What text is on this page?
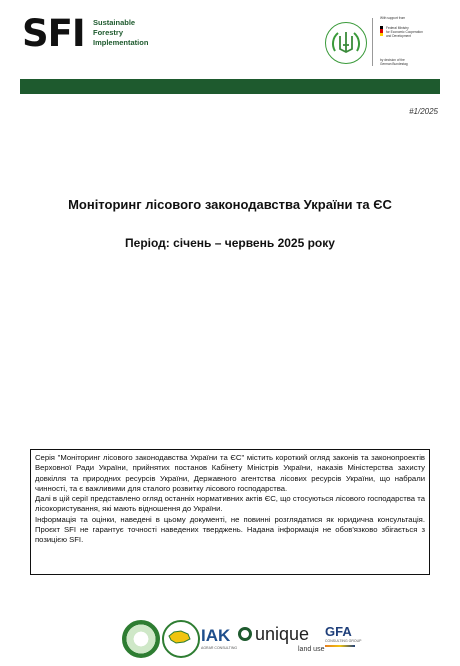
SFI Sustainable
Forestry
Implementation
With support from
Federal Ministry
for Economic Cooperation
and Development
by decision of the
German Bundestag
#1/2025
Моніторинг лісового законодавства України та ЄС
Період: січень – червень 2025 року

Серія "Моніторинг лісового законодавства України та ЄС" містить короткий огляд законів та законопроектів Верховної Ради України, прийнятих постанов Кабінету Міністрів України, наказів Міністерства захисту довкілля та природних ресурсів України, Державного агентства лісових ресурсів України, що набрали чинності, та є важливими для сталого розвитку лісового господарства.

Далі в цій серії представлено огляд останніх нормативних актів ЄС, що стосуються лісового господарства та лісокористування, які мають відношення до України.

Інформація та оцінки, наведені в цьому документі, не повинні розглядатися як юридична консультація. Проєкт SFI не гарантує точності наведених тверджень. Надана інформація не обов'язково збігається з позицією SFI.

IAK
AGRAR CONSULTING
unique
land use
GFA
CONSULTING GROUP
